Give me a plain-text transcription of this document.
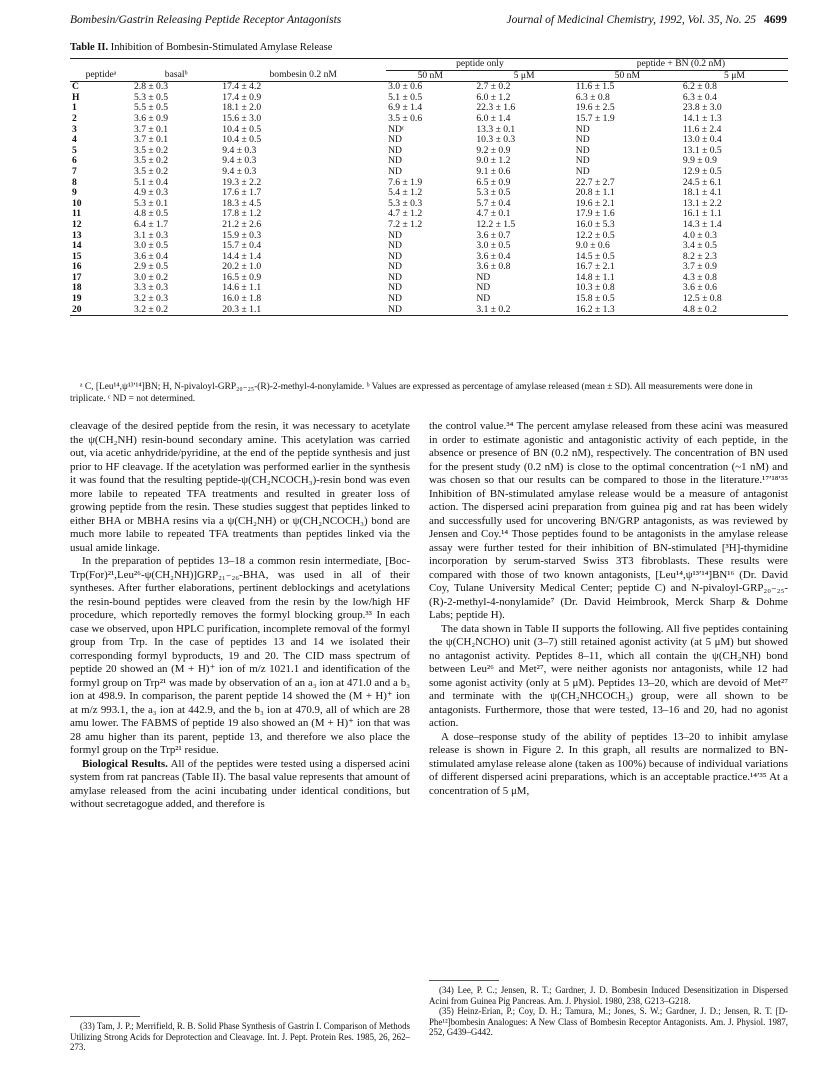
Bombesin/Gastrin Releasing Peptide Receptor Antagonists	Journal of Medicinal Chemistry, 1992, Vol. 35, No. 25 4699
Table II. Inhibition of Bombesin-Stimulated Amylase Release
			peptide only		peptide + BN (0.2 nM)	
peptideᵃ	basalᵇ	bombesin 0.2 nM	50 nM	5 μM	50 nM	5 μM
C	2.8 ± 0.3	17.4 ± 4.2	3.0 ± 0.6	2.7 ± 0.2	11.6 ± 1.5	6.2 ± 0.8
H	5.3 ± 0.5	17.4 ± 0.9	5.1 ± 0.5	6.0 ± 1.2	6.3 ± 0.8	6.3 ± 0.4
1	5.5 ± 0.5	18.1 ± 2.0	6.9 ± 1.4	22.3 ± 1.6	19.6 ± 2.5	23.8 ± 3.0
2	3.6 ± 0.9	15.6 ± 3.0	3.5 ± 0.6	6.0 ± 1.4	15.7 ± 1.9	14.1 ± 1.3
3	3.7 ± 0.1	10.4 ± 0.5	NDᶜ	13.3 ± 0.1	ND	11.6 ± 2.4
4	3.7 ± 0.1	10.4 ± 0.5	ND	10.3 ± 0.3	ND	13.0 ± 0.4
5	3.5 ± 0.2	9.4 ± 0.3	ND	9.2 ± 0.9	ND	13.1 ± 0.5
6	3.5 ± 0.2	9.4 ± 0.3	ND	9.0 ± 1.2	ND	9.9 ± 0.9
7	3.5 ± 0.2	9.4 ± 0.3	ND	9.1 ± 0.6	ND	12.9 ± 0.5
8	5.1 ± 0.4	19.3 ± 2.2	7.6 ± 1.9	6.5 ± 0.9	22.7 ± 2.7	24.5 ± 6.1
9	4.9 ± 0.3	17.6 ± 1.7	5.4 ± 1.2	5.3 ± 0.5	20.8 ± 1.1	18.1 ± 4.1
10	5.3 ± 0.1	18.3 ± 4.5	5.3 ± 0.3	5.7 ± 0.4	19.6 ± 2.1	13.1 ± 2.2
11	4.8 ± 0.5	17.8 ± 1.2	4.7 ± 1.2	4.7 ± 0.1	17.9 ± 1.6	16.1 ± 1.1
12	6.4 ± 1.7	21.2 ± 2.6	7.2 ± 1.2	12.2 ± 1.5	16.0 ± 5.3	14.3 ± 1.4
13	3.1 ± 0.3	15.9 ± 0.3	ND	3.6 ± 0.7	12.2 ± 0.5	4.0 ± 0.3
14	3.0 ± 0.5	15.7 ± 0.4	ND	3.0 ± 0.5	9.0 ± 0.6	3.4 ± 0.5
15	3.6 ± 0.4	14.4 ± 1.4	ND	3.6 ± 0.4	14.5 ± 0.5	8.2 ± 2.3
16	2.9 ± 0.5	20.2 ± 1.0	ND	3.6 ± 0.8	16.7 ± 2.1	3.7 ± 0.9
17	3.0 ± 0.2	16.5 ± 0.9	ND	ND	14.8 ± 1.1	4.3 ± 0.8
18	3.3 ± 0.3	14.6 ± 1.1	ND	ND	10.3 ± 0.8	3.6 ± 0.6
19	3.2 ± 0.3	16.0 ± 1.8	ND	ND	15.8 ± 0.5	12.5 ± 0.8
20	3.2 ± 0.2	20.3 ± 1.1	ND	3.1 ± 0.2	16.2 ± 1.3	4.8 ± 0.2
ᵃ C, [Leu¹⁴,ψ¹³ʹ¹⁴]BN; H, N-pivaloyl-GRP₂₀₋₂₅-(R)-2-methyl-4-nonylamide. ᵇ Values are expressed as percentage of amylase released (mean ± SD). All measurements were done in triplicate. ᶜ ND = not determined.

cleavage of the desired peptide from the resin, it was necessary to acetylate the ψ(CH₂NH) resin-bound secondary amine. This acetylation was carried out, via acetic anhydride/pyridine, at the end of the peptide synthesis and just prior to HF cleavage. If the acetylation was performed earlier in the synthesis it was found that the resulting peptide-ψ(CH₂NCOCH₃)-resin bond was even more labile to repeated TFA treatments and resulted in greater loss of growing peptide from the resin. These studies suggest that peptides linked to either BHA or MBHA resins via a ψ(CH₂NH) or ψ(CH₂NCOCH₃) bond are much more labile to repeated TFA treatments than peptides linked via the usual amide linkage.

In the preparation of peptides 13–18 a common resin intermediate, [Boc-Trp(For)²¹,Leu²⁶-ψ(CH₂NH)]GRP₂₁₋₂₆-BHA, was used in all of their syntheses. After further elaborations, pertinent deblockings and acetylations the resin-bound peptides were cleaved from the resin by the low/high HF procedure, which reportedly removes the formyl blocking group.³³ In each case we observed, upon HPLC purification, incomplete removal of the formyl group from Trp. In the case of peptides 13 and 14 we isolated their corresponding formyl byproducts, 19 and 20. The CID mass spectrum of peptide 20 showed an (M + H)⁺ ion of m/z 1021.1 and identification of the formyl group on Trp²¹ was made by observation of an a₃ ion at 471.0 and a b₃ ion at 498.9. In comparison, the parent peptide 14 showed the (M + H)⁺ ion at m/z 993.1, the a₃ ion at 442.9, and the b₃ ion at 470.9, all of which are 28 amu lower. The FABMS of peptide 19 also showed an (M + H)⁺ ion that was 28 amu higher than its parent, peptide 13, and therefore we also place the formyl group on the Trp²¹ residue.

Biological Results. All of the peptides were tested using a dispersed acini system from rat pancreas (Table II). The basal value represents that amount of amylase released from the acini incubating under identical conditions, but without secretagogue added, and therefore is

the control value.³⁴ The percent amylase released from these acini was measured in order to estimate agonistic and antagonistic activity of each peptide, in the absence or presence of BN (0.2 nM), respectively. The concentration of BN used for the present study (0.2 nM) is close to the optimal concentration (~1 nM) and was chosen so that our results can be compared to those in the literature.¹⁷ʹ¹⁸ʹ³⁵ Inhibition of BN-stimulated amylase release would be a measure of antagonist action. The dispersed acini preparation from guinea pig and rat has been widely and successfully used for uncovering BN/GRP antagonists, as was reviewed by Jensen and Coy.¹⁴ Those peptides found to be antagonists in the amylase release assay were further tested for their inhibition of BN-stimulated [³H]-thymidine incorporation by serum-starved Swiss 3T3 fibroblasts. These results were compared with those of two known antagonists, [Leu¹⁴,ψ¹³ʹ¹⁴]BN¹⁶ (Dr. David Coy, Tulane University Medical Center; peptide C) and N-pivaloyl-GRP₂₀₋₂₅-(R)-2-methyl-4-nonylamide⁷ (Dr. David Heimbrook, Merck Sharp & Dohme Labs; peptide H).

The data shown in Table II supports the following. All five peptides containing the ψ(CH₂NCHO) unit (3–7) still retained agonist activity (at 5 μM) but showed no antagonist activity. Peptides 8–11, which all contain the ψ(CH₂NH) bond between Leu²⁶ and Met²⁷, were neither agonists nor antagonists, while 12 had some agonist activity (only at 5 μM). Peptides 13–20, which are devoid of Met²⁷ and terminate with the ψ(CH₂NHCOCH₃) group, were all shown to be antagonists. Furthermore, those that were tested, 13–16 and 20, had no agonist action.

A dose–response study of the ability of peptides 13–20 to inhibit amylase release is shown in Figure 2. In this graph, all results are normalized to BN-stimulated amylase release alone (taken as 100%) because of individual variations of different dispersed acini preparations, which is an acceptable practice.¹⁴ʹ³⁵ At a concentration of 5 μM,

(33) Tam, J. P.; Merrifield, R. B. Solid Phase Synthesis of Gastrin I. Comparison of Methods Utilizing Strong Acids for Deprotection and Cleavage. Int. J. Pept. Protein Res. 1985, 26, 262–273.

(34) Lee, P. C.; Jensen, R. T.; Gardner, J. D. Bombesin Induced Desensitization in Dispersed Acini from Guinea Pig Pancreas. Am. J. Physiol. 1980, 238, G213–G218.

(35) Heinz-Erian, P.; Coy, D. H.; Tamura, M.; Jones, S. W.; Gardner, J. D.; Jensen, R. T. [D-Phe¹²]bombesin Analogues: A New Class of Bombesin Receptor Antagonists. Am. J. Physiol. 1987, 252, G439–G442.
